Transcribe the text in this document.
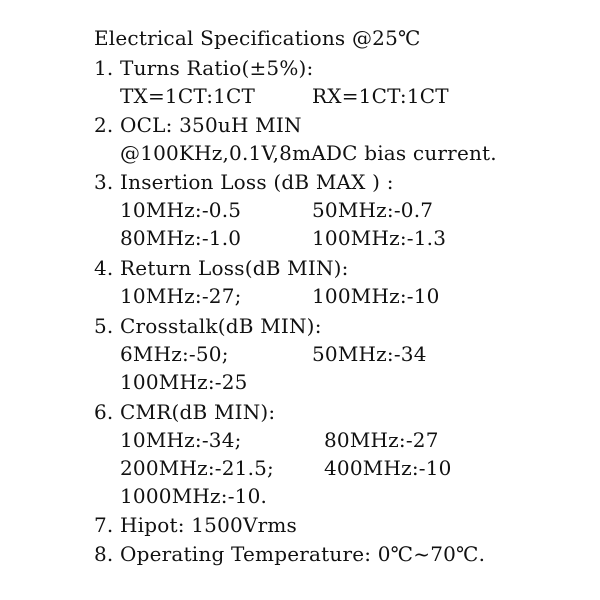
Electrical Specifications @25℃
1. Turns Ratio(±5%):
TX=1CT:1CT	RX=1CT:1CT
2. OCL: 350uH MIN
@100KHz,0.1V,8mADC bias current.
3. Insertion Loss (dB MAX ) :
10MHz:-0.5	50MHz:-0.7
80MHz:-1.0	100MHz:-1.3
4. Return Loss(dB MIN):
10MHz:-27;	100MHz:-10
5. Crosstalk(dB MIN):
6MHz:-50;	50MHz:-34
100MHz:-25
6. CMR(dB MIN):
10MHz:-34;	80MHz:-27
200MHz:-21.5;	400MHz:-10
1000MHz:-10.
7. Hipot: 1500Vrms
8. Operating Temperature: 0℃~70℃.
